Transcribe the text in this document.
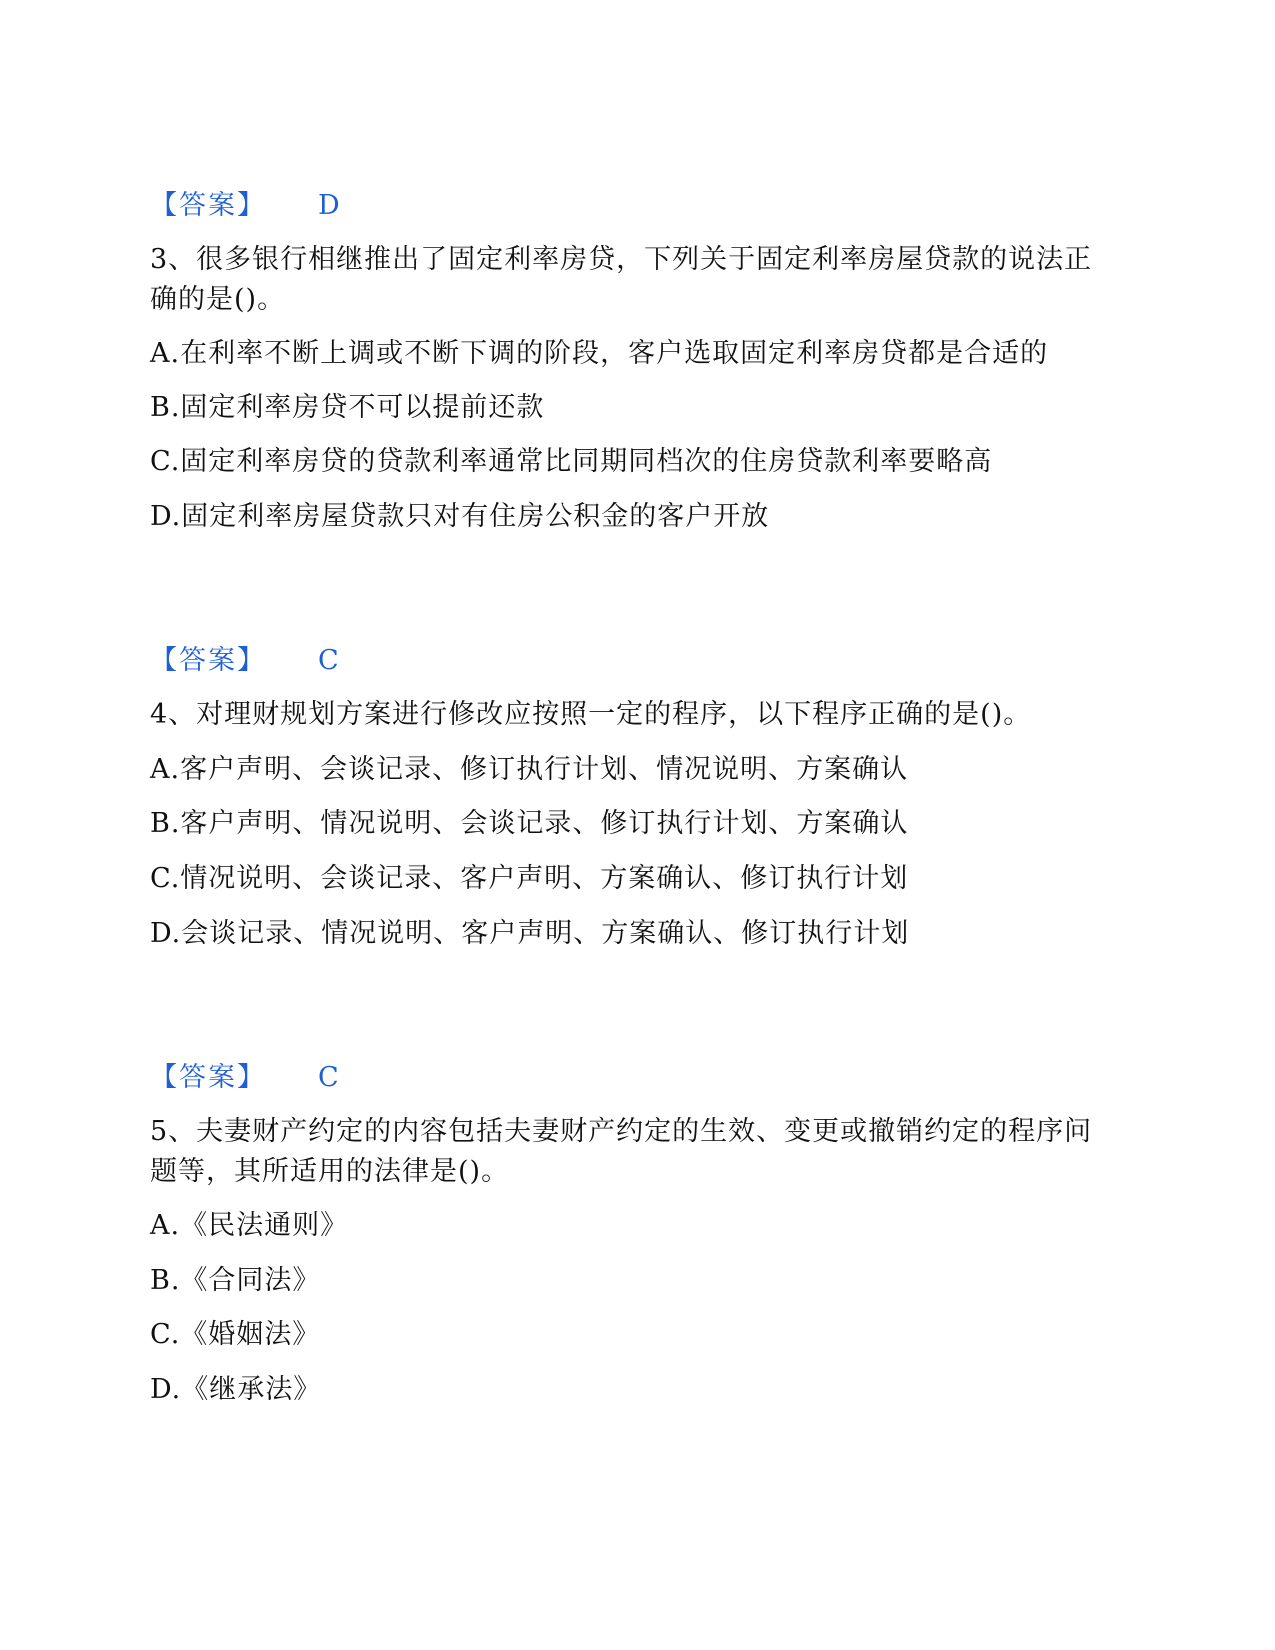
【答案】 D
3、很多银行相继推出了固定利率房贷，下列关于固定利率房屋贷款的说法正确的是()。
A.在利率不断上调或不断下调的阶段，客户选取固定利率房贷都是合适的
B.固定利率房贷不可以提前还款
C.固定利率房贷的贷款利率通常比同期同档次的住房贷款利率要略高
D.固定利率房屋贷款只对有住房公积金的客户开放
【答案】 C
4、对理财规划方案进行修改应按照一定的程序，以下程序正确的是()。
A.客户声明、会谈记录、修订执行计划、情况说明、方案确认
B.客户声明、情况说明、会谈记录、修订执行计划、方案确认
C.情况说明、会谈记录、客户声明、方案确认、修订执行计划
D.会谈记录、情况说明、客户声明、方案确认、修订执行计划
【答案】 C
5、夫妻财产约定的内容包括夫妻财产约定的生效、变更或撤销约定的程序问题等，其所适用的法律是()。
A.《民法通则》
B.《合同法》
C.《婚姻法》
D.《继承法》
